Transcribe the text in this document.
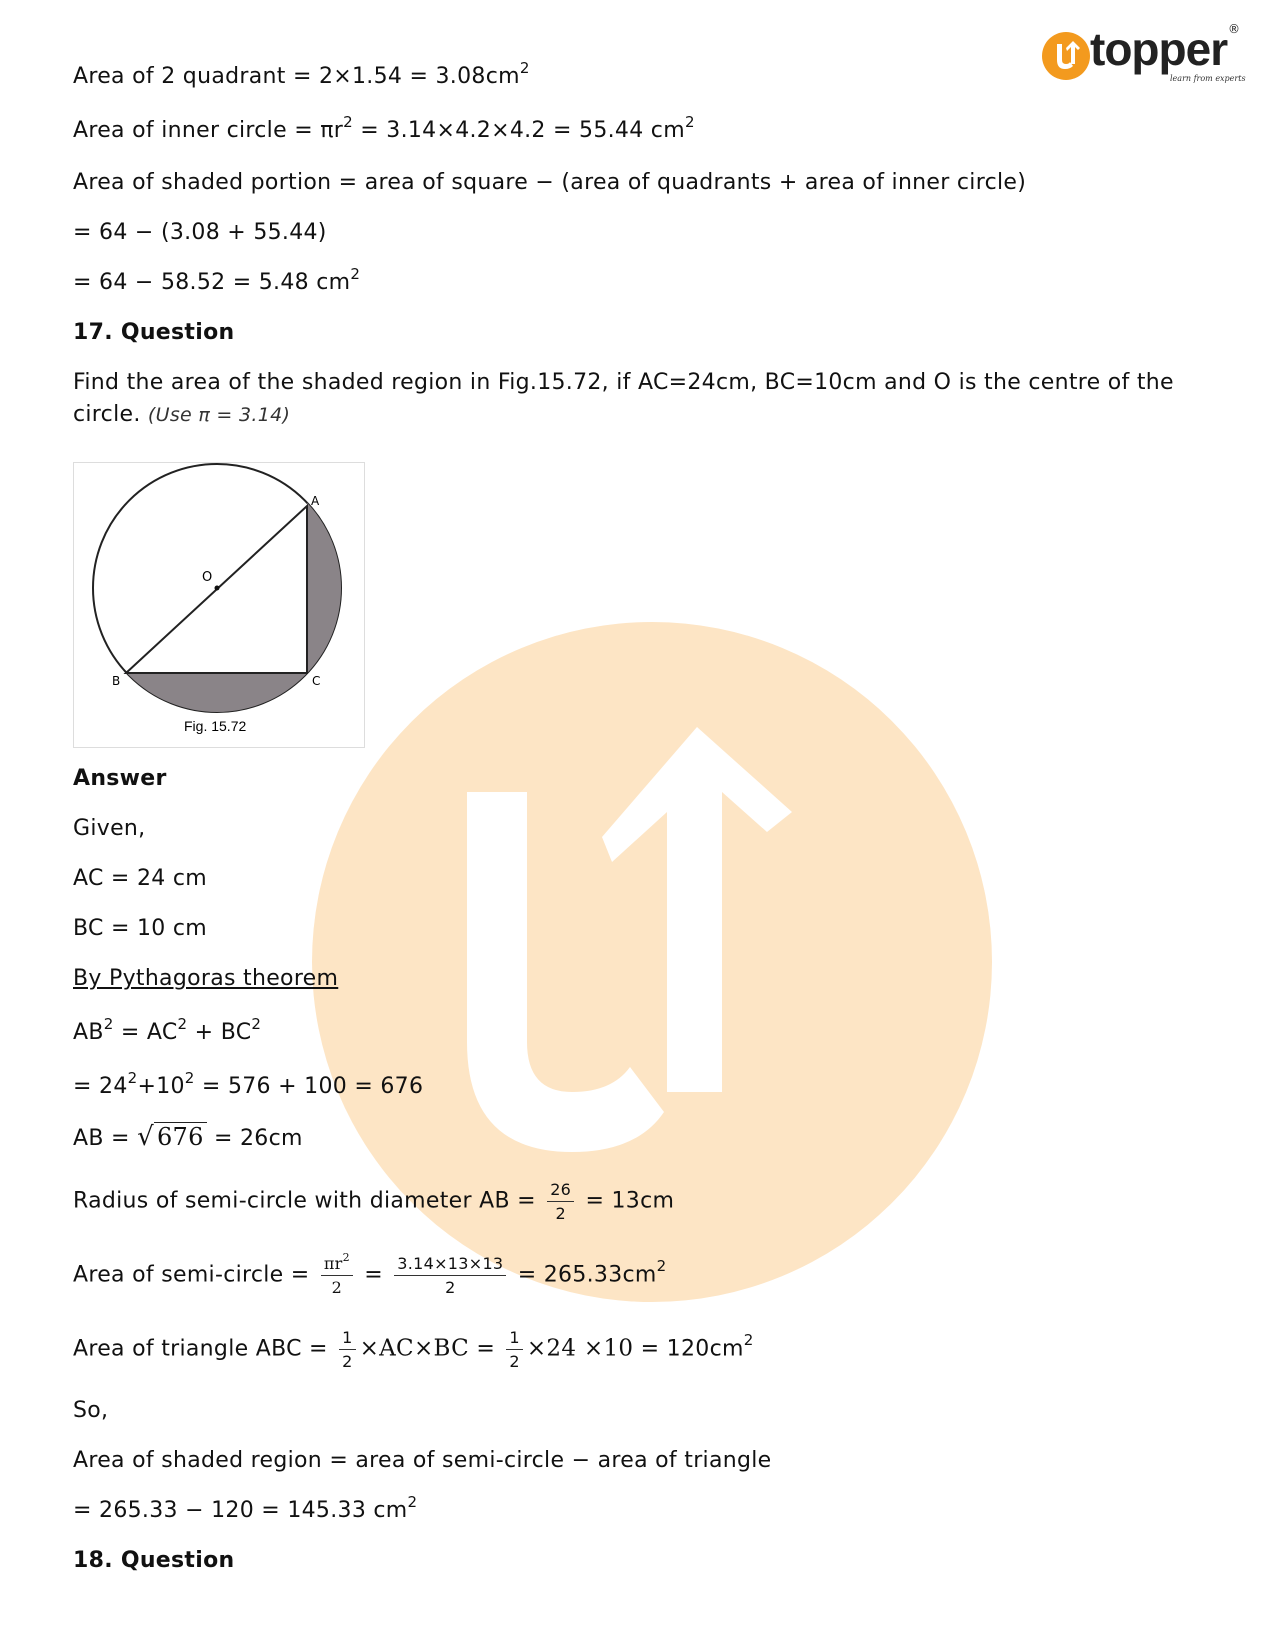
topper ®
learn from experts
Area of 2 quadrant = $2\times 1.54 = 3.08cm^2$
Area of inner circle = $\pi r^2 = 3.14\times 4.2\times 4.2 = 55.44$ $cm^2$
Area of shaded portion = area of square − (area of quadrants + area of inner circle)
= 64 − (3.08 + 55.44)
= 64 − 58.52 = 5.48 $cm^2$
17. Question
Find the area of the shaded region in Fig.15.72, if AC=24cm, BC=10cm and O is the centre of the
circle. (Use π = 3.14)
O
A
B	C
Fig. 15.72
Answer
Given,
AC = 24 cm
BC = 10 cm
By Pythagoras theorem
$AB^2 = AC^2 + BC^2$
= $24^2+10^2 = 576 + 100 = 676$
AB = √ 676 = 26cm
Radius of semi-circle with diameter AB = $\frac{26}{2} = 13cm$
Area of semi-circle = $\frac{\pi r^2}{2} = \frac{3.14\times 13\times 13}{2} = 265.33cm^2$
Area of triangle ABC = $\frac{1}{2} \times AC\times BC = \frac{1}{2} \times 24 \times 10 = 120cm^2$
So,
Area of shaded region = area of semi-circle − area of triangle
= 265.33 − 120 = 145.33 $cm^2$
18. Question
